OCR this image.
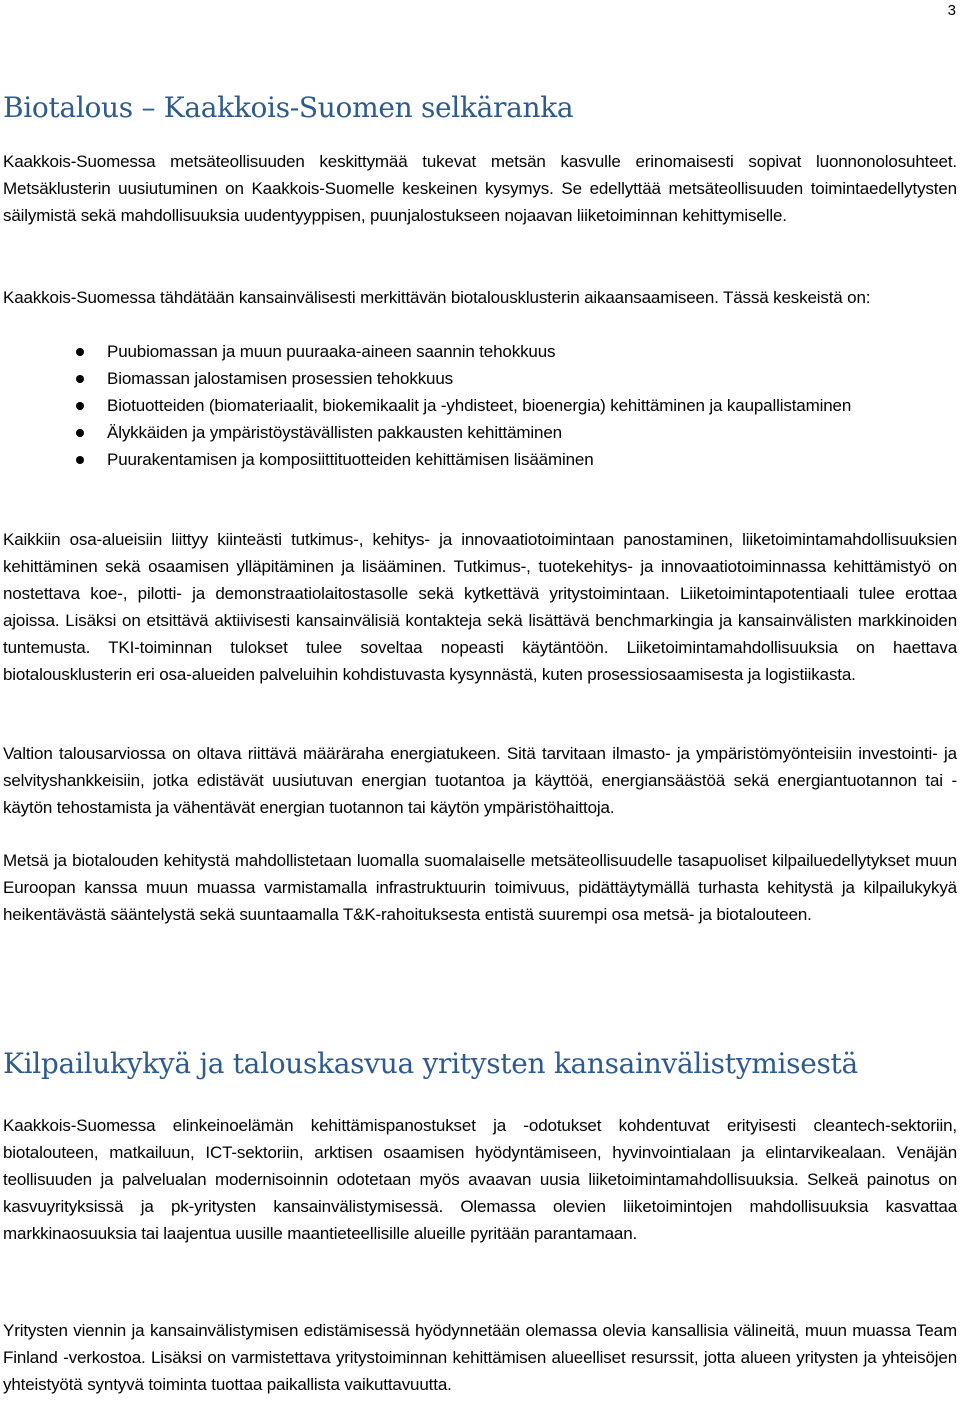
3
Biotalous – Kaakkois-Suomen selkäranka

Kaakkois-Suomessa metsäteollisuuden keskittymää tukevat metsän kasvulle erinomaisesti sopivat luonnonolosuhteet. Metsäklusterin uusiutuminen on Kaakkois-Suomelle keskeinen kysymys. Se edellyttää metsäteollisuuden toimintaedellytysten säilymistä sekä mahdollisuuksia uudentyyppisen, puunjalostukseen nojaavan liiketoiminnan kehittymiselle.

Kaakkois-Suomessa tähdätään kansainvälisesti merkittävän biotalousklusterin aikaansaamiseen. Tässä keskeistä on:

Puubiomassan ja muun puuraaka-aineen saannin tehokkuus
Biomassan jalostamisen prosessien tehokkuus
Biotuotteiden (biomateriaalit, biokemikaalit ja -yhdisteet, bioenergia) kehittäminen ja kaupallistaminen
Älykkäiden ja ympäristöystävällisten pakkausten kehittäminen
Puurakentamisen ja komposiittituotteiden kehittämisen lisääminen

Kaikkiin osa-alueisiin liittyy kiinteästi tutkimus-, kehitys- ja innovaatiotoimintaan panostaminen, liiketoimintamahdollisuuksien kehittäminen sekä osaamisen ylläpitäminen ja lisääminen. Tutkimus-, tuotekehitys- ja innovaatiotoiminnassa kehittämistyö on nostettava koe-, pilotti- ja demonstraatiolaitostasolle sekä kytkettävä yritystoimintaan. Liiketoimintapotentiaali tulee erottaa ajoissa. Lisäksi on etsittävä aktiivisesti kansainvälisiä kontakteja sekä lisättävä benchmarkingia ja kansainvälisten markkinoiden tuntemusta. TKI-toiminnan tulokset tulee soveltaa nopeasti käytäntöön. Liiketoimintamahdollisuuksia on haettava biotalousklusterin eri osa-alueiden palveluihin kohdistuvasta kysynnästä, kuten prosessiosaamisesta ja logistiikasta.

Valtion talousarviossa on oltava riittävä määräraha energiatukeen. Sitä tarvitaan ilmasto- ja ympäristömyönteisiin investointi- ja selvityshankkeisiin, jotka edistävät uusiutuvan energian tuotantoa ja käyttöä, energiansäästöä sekä energiantuotannon tai -käytön tehostamista ja vähentävät energian tuotannon tai käytön ympäristöhaittoja.

Metsä ja biotalouden kehitystä mahdollistetaan luomalla suomalaiselle metsäteollisuudelle tasapuoliset kilpailuedellytykset muun Euroopan kanssa muun muassa varmistamalla infrastruktuurin toimivuus, pidättäytymällä turhasta kehitystä ja kilpailukykyä heikentävästä sääntelystä sekä suuntaamalla T&K-rahoituksesta entistä suurempi osa metsä- ja biotalouteen.

Kilpailukykyä ja talouskasvua yritysten kansainvälistymisestä

Kaakkois-Suomessa elinkeinoelämän kehittämispanostukset ja -odotukset kohdentuvat erityisesti cleantech-sektoriin, biotalouteen, matkailuun, ICT-sektoriin, arktisen osaamisen hyödyntämiseen, hyvinvointialaan ja elintarvikealaan. Venäjän teollisuuden ja palvelualan modernisoinnin odotetaan myös avaavan uusia liiketoimintamahdollisuuksia. Selkeä painotus on kasvuyrityksissä ja pk-yritysten kansainvälistymisessä. Olemassa olevien liiketoimintojen mahdollisuuksia kasvattaa markkinaosuuksia tai laajentua uusille maantieteellisille alueille pyritään parantamaan.

Yritysten viennin ja kansainvälistymisen edistämisessä hyödynnetään olemassa olevia kansallisia välineitä, muun muassa Team Finland -verkostoa. Lisäksi on varmistettava yritystoiminnan kehittämisen alueelliset resurssit, jotta alueen yritysten ja yhteisöjen yhteistyötä syntyvä toiminta tuottaa paikallista vaikuttavuutta.
